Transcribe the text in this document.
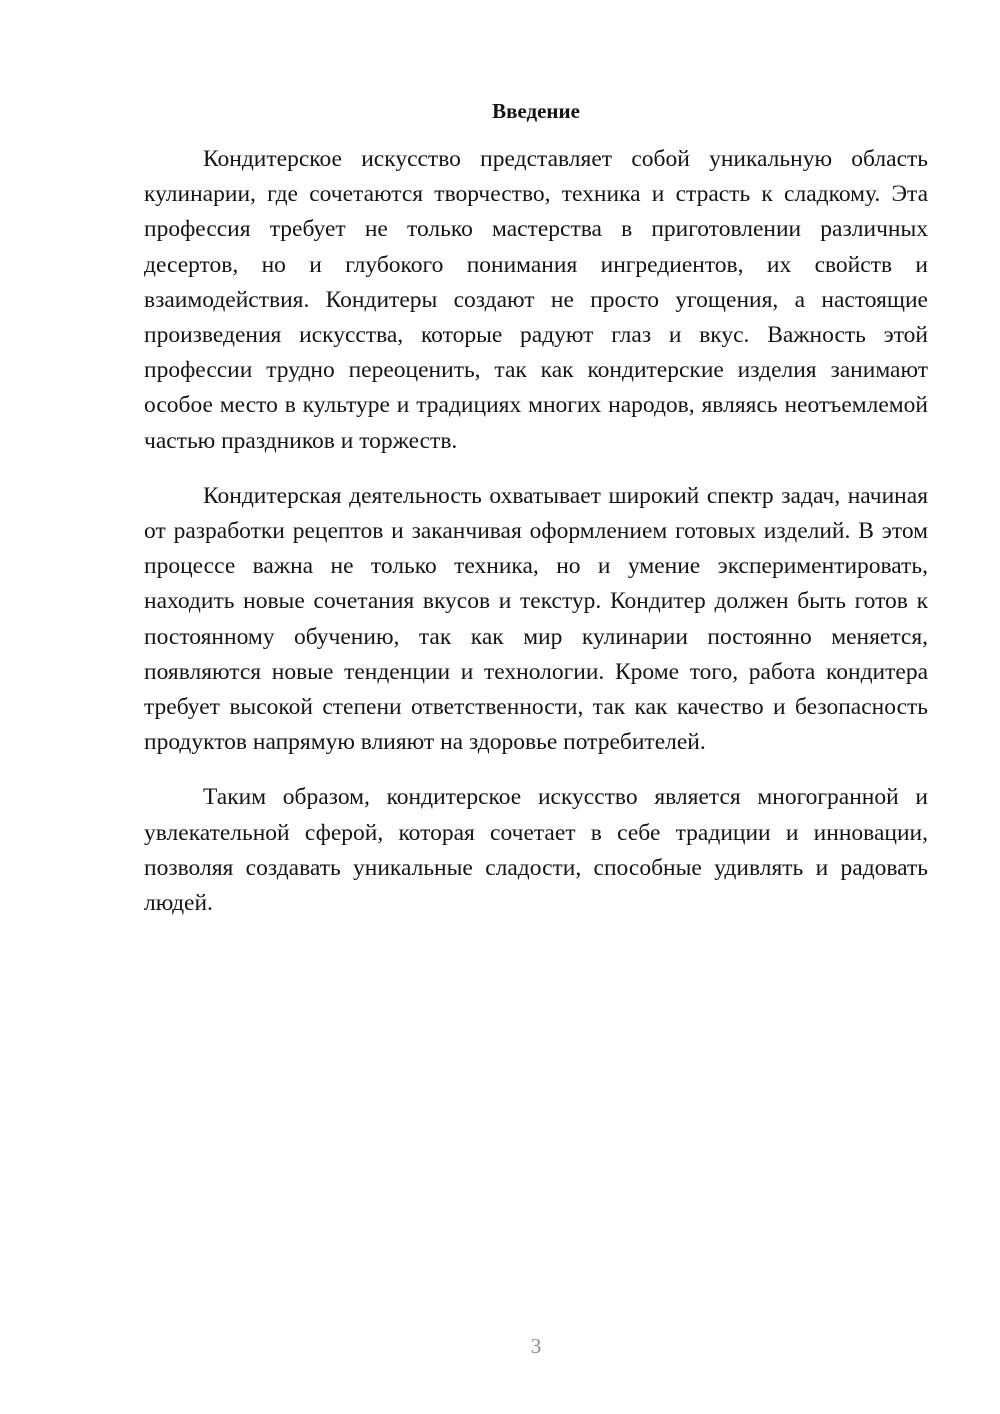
Введение

Кондитерское искусство представляет собой уникальную область кулинарии, где сочетаются творчество, техника и страсть к сладкому. Эта профессия требует не только мастерства в приготовлении различных десертов, но и глубокого понимания ингредиентов, их свойств и взаимодействия. Кондитеры создают не просто угощения, а настоящие произведения искусства, которые радуют глаз и вкус. Важность этой профессии трудно переоценить, так как кондитерские изделия занимают особое место в культуре и традициях многих народов, являясь неотъемлемой частью праздников и торжеств.

Кондитерская деятельность охватывает широкий спектр задач, начиная от разработки рецептов и заканчивая оформлением готовых изделий. В этом процессе важна не только техника, но и умение экспериментировать, находить новые сочетания вкусов и текстур. Кондитер должен быть готов к постоянному обучению, так как мир кулинарии постоянно меняется, появляются новые тенденции и технологии. Кроме того, работа кондитера требует высокой степени ответственности, так как качество и безопасность продуктов напрямую влияют на здоровье потребителей.

Таким образом, кондитерское искусство является многогранной и увлекательной сферой, которая сочетает в себе традиции и инновации, позволяя создавать уникальные сладости, способные удивлять и радовать людей.

3
